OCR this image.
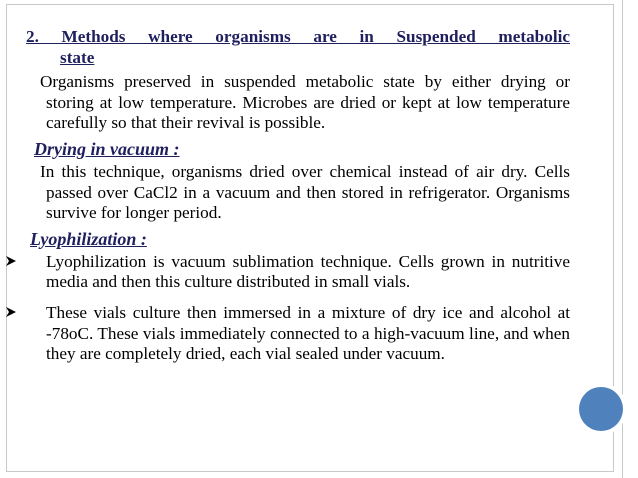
2. Methods where organisms are in Suspended metabolic

state

Organisms preserved in suspended metabolic state by either drying or storing at low temperature. Microbes are dried or kept at low temperature carefully so that their revival is possible.

Drying in vacuum :

In this technique, organisms dried over chemical instead of air dry. Cells passed over CaCl2 in a vacuum and then stored in refrigerator. Organisms survive for longer period.

Lyophilization :

Lyophilization is vacuum sublimation technique. Cells grown in nutritive media and then this culture distributed in small vials.
These vials culture then immersed in a mixture of dry ice and alcohol at -78oC. These vials immediately connected to a high-vacuum line, and when they are completely dried, each vial sealed under vacuum.
